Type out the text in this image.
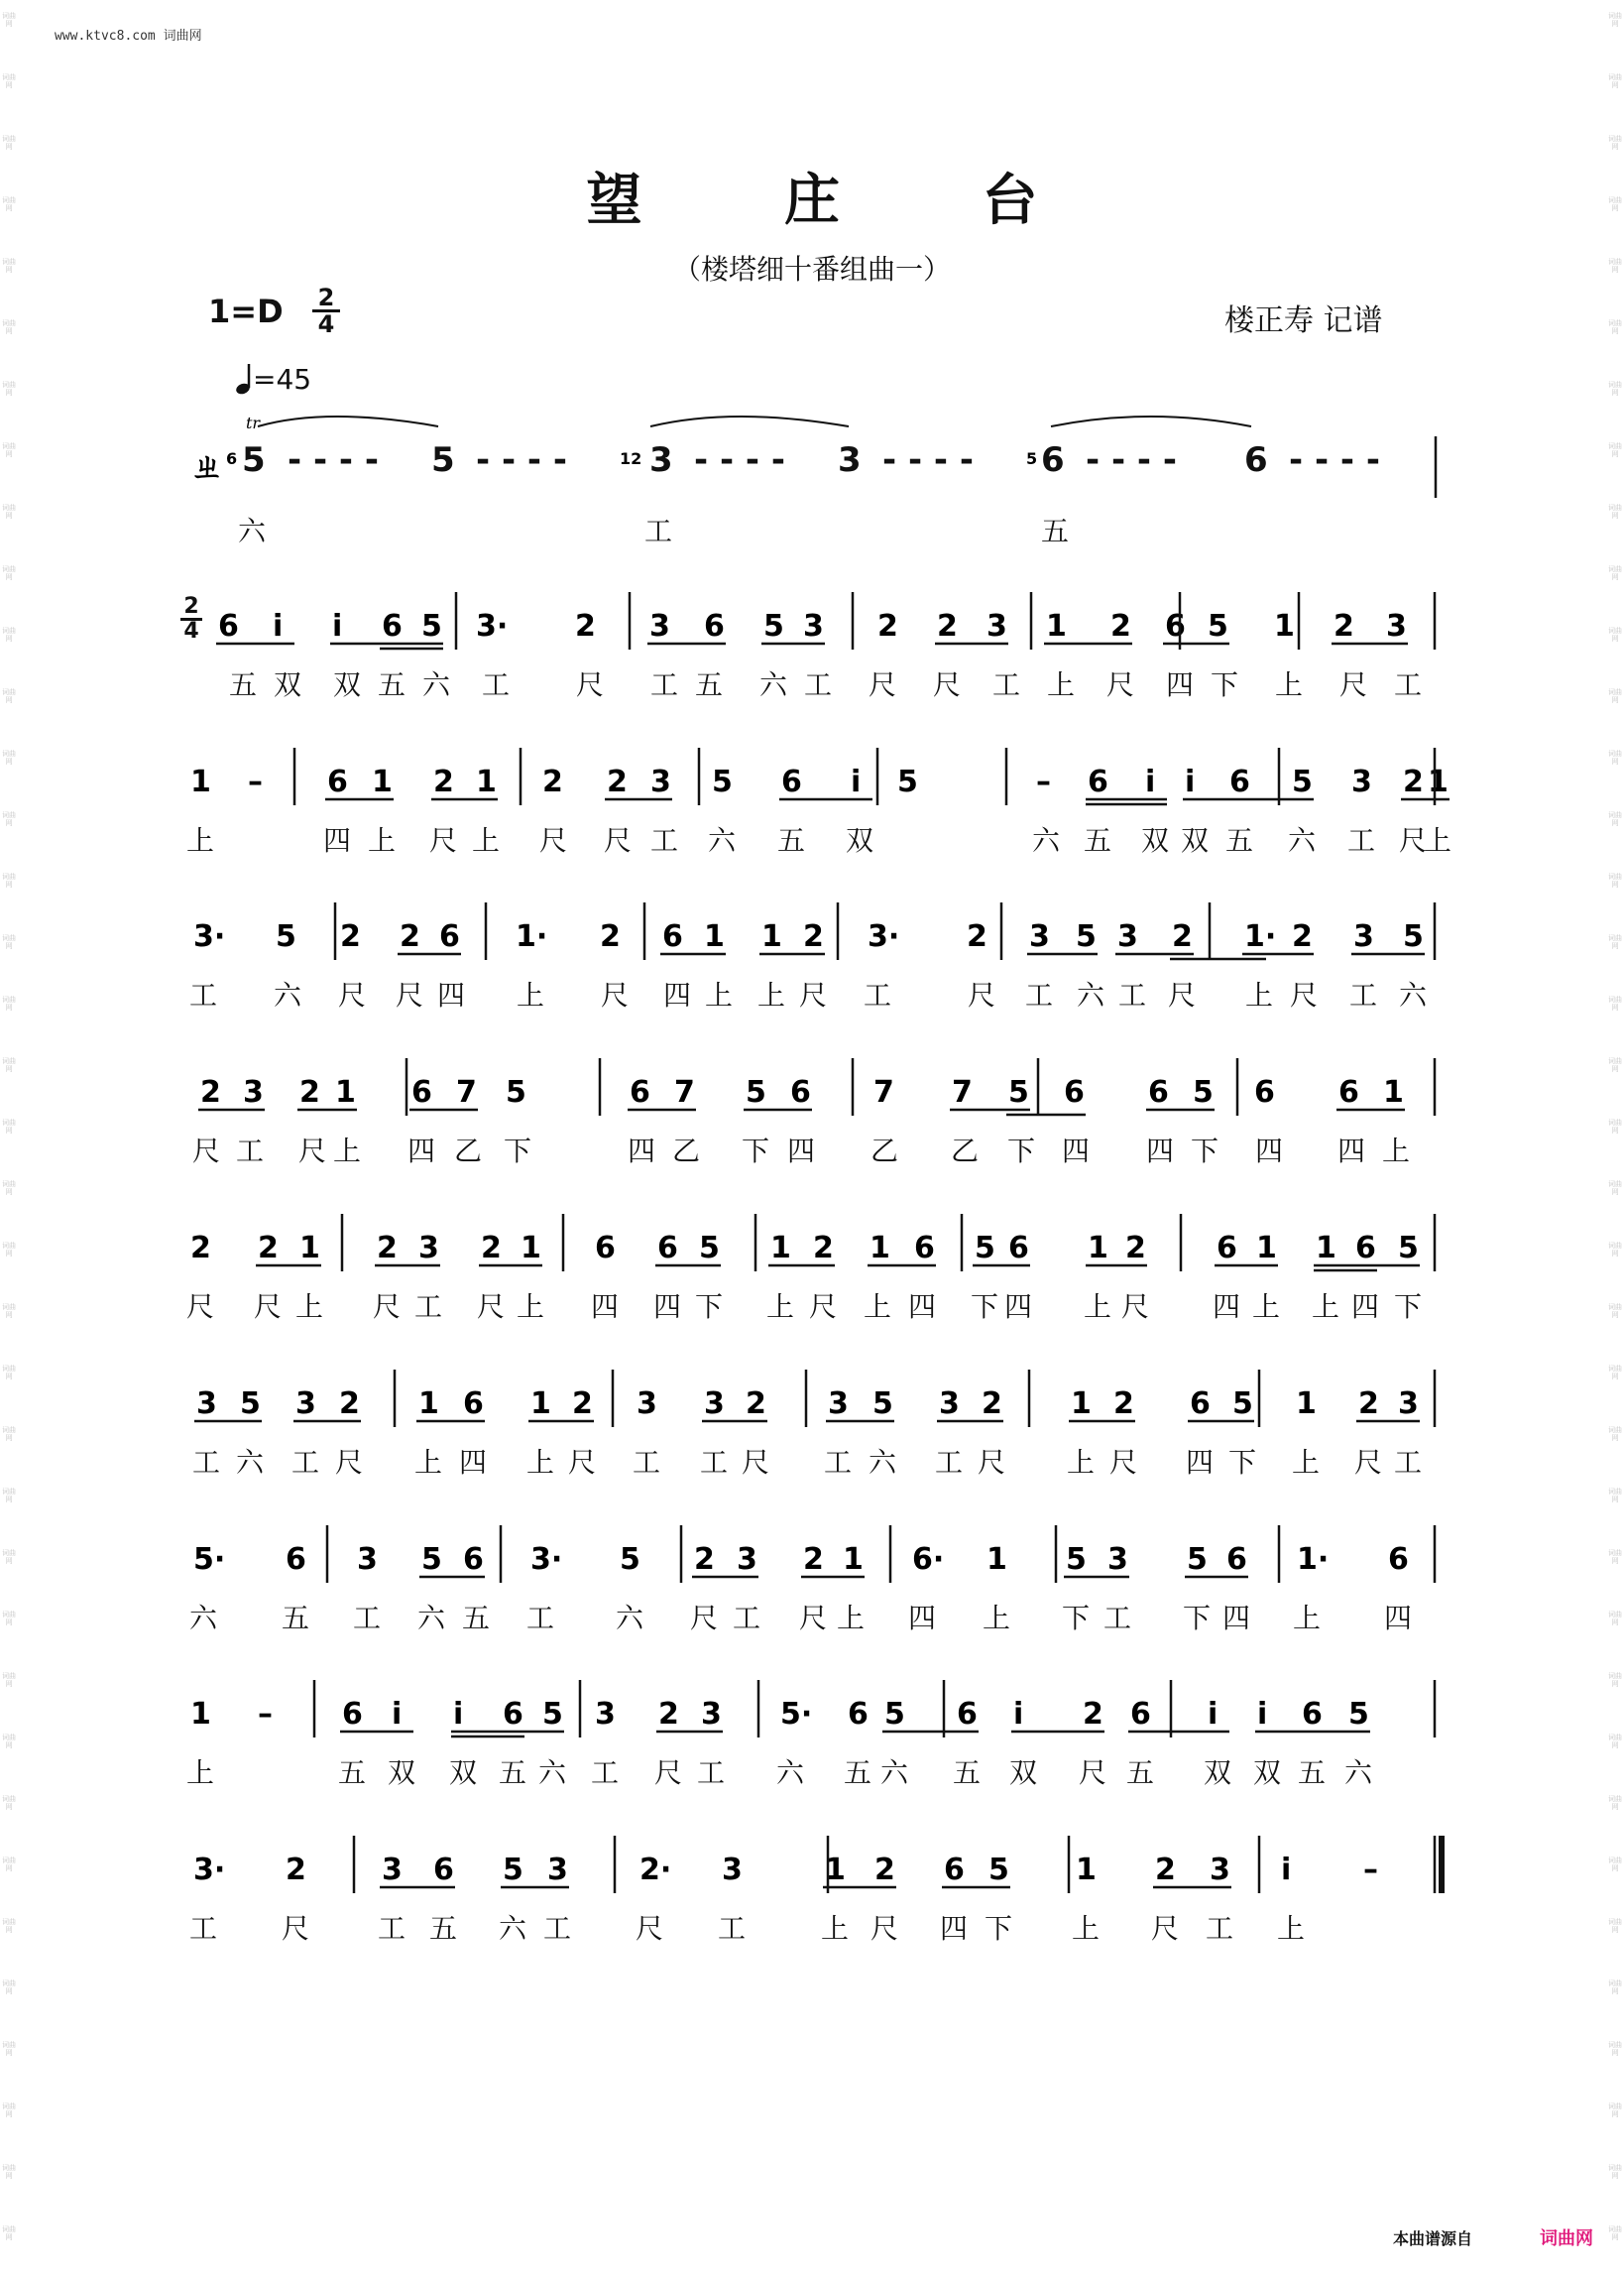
词曲网
词曲网
词曲网
词曲网
词曲网
词曲网
词曲网
词曲网
词曲网
词曲网
词曲网
词曲网
词曲网
词曲网
词曲网
词曲网
词曲网
词曲网
词曲网
词曲网
词曲网
词曲网
词曲网
词曲网
词曲网
词曲网
词曲网
词曲网
词曲网
词曲网
词曲网
词曲网
词曲网
词曲网
词曲网
词曲网
词曲网
词曲网
词曲网
词曲网
词曲网
词曲网
词曲网
词曲网
词曲网
词曲网
词曲网
词曲网
词曲网
词曲网
词曲网
词曲网
词曲网
词曲网
词曲网
词曲网
词曲网
词曲网
词曲网
词曲网
词曲网
词曲网
词曲网
词曲网
词曲网
词曲网
词曲网
词曲网
词曲网
词曲网
词曲网
词曲网
词曲网
词曲网
www.ktvc8.com 词曲网
望 庄 台
（楼塔细十番组曲一）
$1=D \frac{2}{4}$
=45
楼正寿 记谱
ㄓ 6
tr
12	5
5 - - - - 5 - - - - 3 - - - - 3 - - - - 6 - - - - 6 - - - -
六	工	五
$\frac{2}{4} 6$ i i 6 5 3· 2 3 6 5 3 2 2 3 1 2 6 5 1 2 3
五 双 双 五 六 工 尺 工 五 六 工 尺 尺 工 上 尺 四 下 上 尺 工
1 – 6 1 2 1 2 2 3 5 6 i 5	– 6 i i 6 5 3 2 1
上	四 上 尺 上 尺 尺 工 六 五 双	六 五 双 双 五 六 工 尺
上
3· 5 2 2 6 1· 2 6 1 1 2 3· 2 3 5 3 2 1· 2 3 5
工 六 尺 尺 四 上 尺 四 上 上 尺 工	尺 工 六 工 尺 上 尺 工 六
2 3 2 1 6 7 5	6 7 5 6 7 7 5 6 6 5 6 6 1
尺 工 尺 上 四 乙 下	四 乙 下 四 乙 乙 下 四 四 下 四 四 上
2 2 1 2 3 2 1 6 6 5 1 2 1 6 5 6 1 2 6 1 1 6 5
尺 尺 上 尺 工 尺 上 四 四 下 上 尺 上 四 下 四 上 尺 四 上 上 四 下
3 5 3 2 1 6 1 2 3 3 2 3 5 3 2 1 2 6 5 1 2 3
工 六 工 尺 上 四 上 尺 工 工 尺 工 六 工 尺 上 尺 四 下 上 尺 工
5· 6 3 5 6 3· 5 2 3 2 1 6· 1 5 3 5 6 1· 6
六 五 工 六 五 工 六 尺 工 尺 上 四 上 下 工 下 四 上 四
1 – 6 i i 6 5 3 2 3 5· 6 5 6 i 2 6 i i 6 5
上	五 双 双 五 六 工 尺 工 六 五 六 五 双 尺 五 双 双 五 六
3· 2	3 6 5 3 2· 3	1 2 6 5 1 2 3 i –
工 尺 工 五 六 工 尺 工	上 尺 四 下 上 尺 工 上
本曲谱源自	词曲网
